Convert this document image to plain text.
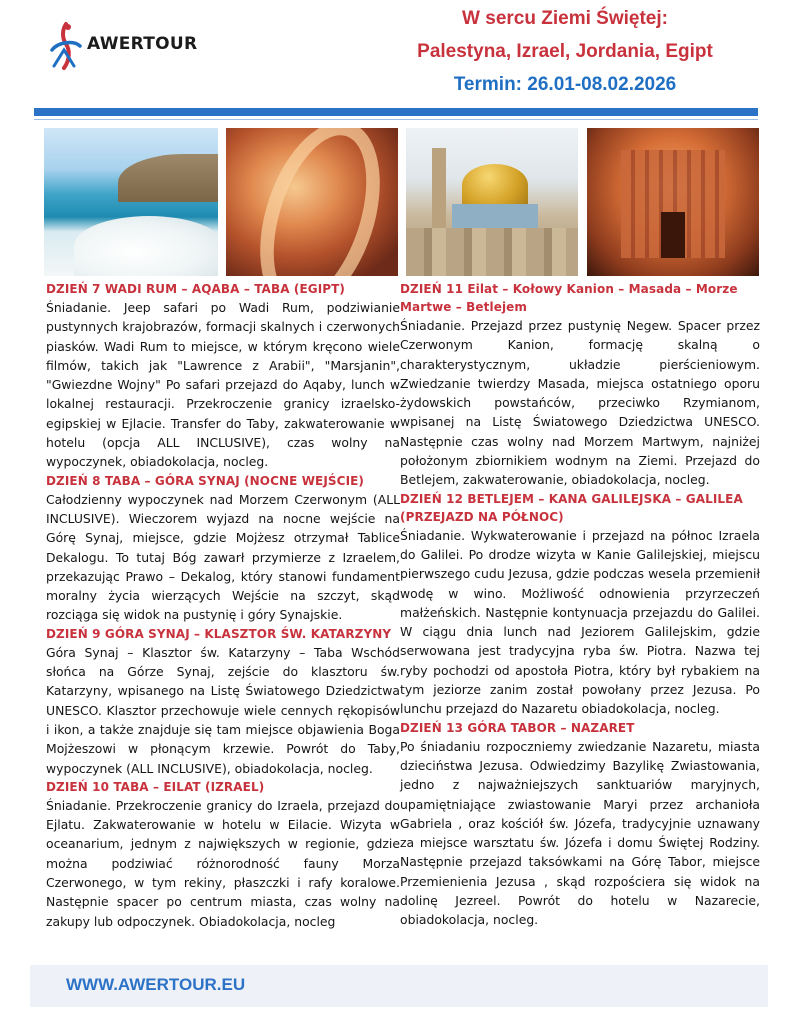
AWERTOUR
W sercu Ziemi Świętej:
Palestyna, Izrael, Jordania, Egipt
Termin: 26.01-08.02.2026
DZIEŃ 7 WADI RUM – AQABA – TABA (EGIPT)
Śniadanie. Jeep safari po Wadi Rum, podziwianie pustynnych krajobrazów, formacji skalnych i czerwonych piasków. Wadi Rum to miejsce, w którym kręcono wiele filmów, takich jak "Lawrence z Arabii", "Marsjanin", "Gwiezdne Wojny" Po safari przejazd do Aqaby, lunch w lokalnej restauracji. Przekroczenie granicy izraelsko-egipskiej w Ejlacie. Transfer do Taby, zakwaterowanie w hotelu (opcja ALL INCLUSIVE), czas wolny na wypoczynek, obiadokolacja, nocleg.
DZIEŃ 8 TABA – GÓRA SYNAJ (NOCNE WEJŚCIE)
Całodzienny wypoczynek nad Morzem Czerwonym (ALL INCLUSIVE). Wieczorem wyjazd na nocne wejście na Górę Synaj, miejsce, gdzie Mojżesz otrzymał Tablice Dekalogu. To tutaj Bóg zawarł przymierze z Izraelem, przekazując Prawo – Dekalog, który stanowi fundament moralny życia wierzących Wejście na szczyt, skąd rozciąga się widok na pustynię i góry Synajskie.
DZIEŃ 9 GÓRA SYNAJ – KLASZTOR ŚW. KATARZYNY
Góra Synaj – Klasztor św. Katarzyny – Taba Wschód słońca na Górze Synaj, zejście do klasztoru św. Katarzyny, wpisanego na Listę Światowego Dziedzictwa UNESCO. Klasztor przechowuje wiele cennych rękopisów i ikon, a także znajduje się tam miejsce objawienia Boga Mojżeszowi w płonącym krzewie. Powrót do Taby, wypoczynek (ALL INCLUSIVE), obiadokolacja, nocleg.
DZIEŃ 10 TABA – EILAT (IZRAEL)
Śniadanie. Przekroczenie granicy do Izraela, przejazd do Ejlatu. Zakwaterowanie w hotelu w Eilacie. Wizyta w oceanarium, jednym z największych w regionie, gdzie można podziwiać różnorodność fauny Morza Czerwonego, w tym rekiny, płaszczki i rafy koralowe. Następnie spacer po centrum miasta, czas wolny na zakupy lub odpoczynek. Obiadokolacja, nocleg
DZIEŃ 11 Eilat – Kołowy Kanion – Masada – Morze Martwe – Betlejem
Śniadanie. Przejazd przez pustynię Negew. Spacer przez Czerwonym Kanion, formację skalną o charakterystycznym, układzie pierścieniowym. Zwiedzanie twierdzy Masada, miejsca ostatniego oporu żydowskich powstańców, przeciwko Rzymianom, wpisanej na Listę Światowego Dziedzictwa UNESCO. Następnie czas wolny nad Morzem Martwym, najniżej położonym zbiornikiem wodnym na Ziemi. Przejazd do Betlejem, zakwaterowanie, obiadokolacja, nocleg.
DZIEŃ 12 BETLEJEM – KANA GALILEJSKA – GALILEA (PRZEJAZD NA PÓŁNOC)
Śniadanie. Wykwaterowanie i przejazd na północ Izraela do Galilei. Po drodze wizyta w Kanie Galilejskiej, miejscu pierwszego cudu Jezusa, gdzie podczas wesela przemienił wodę w wino. Możliwość odnowienia przyrzeczeń małżeńskich. Następnie kontynuacja przejazdu do Galilei. W ciągu dnia lunch nad Jeziorem Galilejskim, gdzie serwowana jest tradycyjna ryba św. Piotra. Nazwa tej ryby pochodzi od apostoła Piotra, który był rybakiem na tym jeziorze zanim został powołany przez Jezusa. Po lunchu przejazd do Nazaretu obiadokolacja, nocleg.
DZIEŃ 13 GÓRA TABOR – NAZARET
Po śniadaniu rozpoczniemy zwiedzanie Nazaretu, miasta dzieciństwa Jezusa. Odwiedzimy Bazylikę Zwiastowania, jedno z najważniejszych sanktuariów maryjnych, upamiętniające zwiastowanie Maryi przez archanioła Gabriela , oraz kościół św. Józefa, tradycyjnie uznawany za miejsce warsztatu św. Józefa i domu Świętej Rodziny. Następnie przejazd taksówkami na Górę Tabor, miejsce Przemienienia Jezusa , skąd rozpościera się widok na dolinę Jezreel. Powrót do hotelu w Nazarecie, obiadokolacja, nocleg.
WWW.AWERTOUR.EU
